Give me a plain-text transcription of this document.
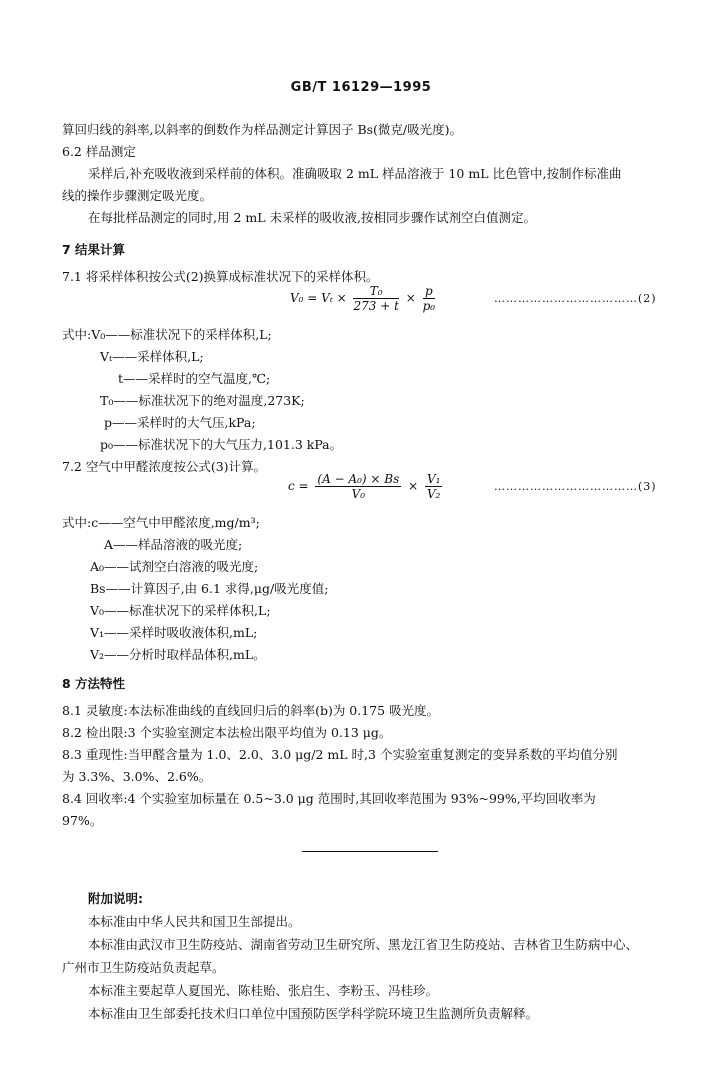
GB/T 16129—1995
算回归线的斜率,以斜率的倒数作为样品测定计算因子 Bs(微克/吸光度)。
6.2 样品测定
采样后,补充吸收液到采样前的体积。准确吸取 2 mL 样品溶液于 10 mL 比色管中,按制作标准曲
线的操作步骤测定吸光度。
在每批样品测定的同时,用 2 mL 未采样的吸收液,按相同步骤作试剂空白值测定。
7 结果计算
7.1 将采样体积按公式(2)换算成标准状况下的采样体积。
$V_0 = V_t \times \frac{\text{T₀}}{273 + t} \times \frac{p}{\text{p₀}}$	………………………………(2)
式中:V₀——标准状况下的采样体积,L;
Vₜ——采样体积,L;
t——采样时的空气温度,℃;
T₀——标准状况下的绝对温度,273K;
p——采样时的大气压,kPa;
p₀——标准状况下的大气压力,101.3 kPa。
7.2 空气中甲醛浓度按公式(3)计算。
$c = \frac{\text{(A − A₀) × Bs}}{\text{V₀}} \times \frac{\text{V₁}}{\text{V₂}}$	………………………………(3)
式中:c——空气中甲醛浓度,mg/m³;
A——样品溶液的吸光度;
A₀——试剂空白溶液的吸光度;
Bs——计算因子,由 6.1 求得,μg/吸光度值;
V₀——标准状况下的采样体积,L;
V₁——采样时吸收液体积,mL;
V₂——分析时取样品体积,mL。
8 方法特性
8.1 灵敏度:本法标准曲线的直线回归后的斜率(b)为 0.175 吸光度。
8.2 检出限:3 个实验室测定本法检出限平均值为 0.13 μg。
8.3 重现性:当甲醛含量为 1.0、2.0、3.0 μg/2 mL 时,3 个实验室重复测定的变异系数的平均值分别
为 3.3%、3.0%、2.6%。
8.4 回收率:4 个实验室加标量在 0.5~3.0 μg 范围时,其回收率范围为 93%~99%,平均回收率为
97%。
附加说明:
本标准由中华人民共和国卫生部提出。
本标准由武汉市卫生防疫站、湖南省劳动卫生研究所、黑龙江省卫生防疫站、吉林省卫生防病中心、
广州市卫生防疫站负责起草。
本标准主要起草人夏国光、陈桂贻、张启生、李粉玉、冯桂珍。
本标准由卫生部委托技术归口单位中国预防医学科学院环境卫生监测所负责解释。
